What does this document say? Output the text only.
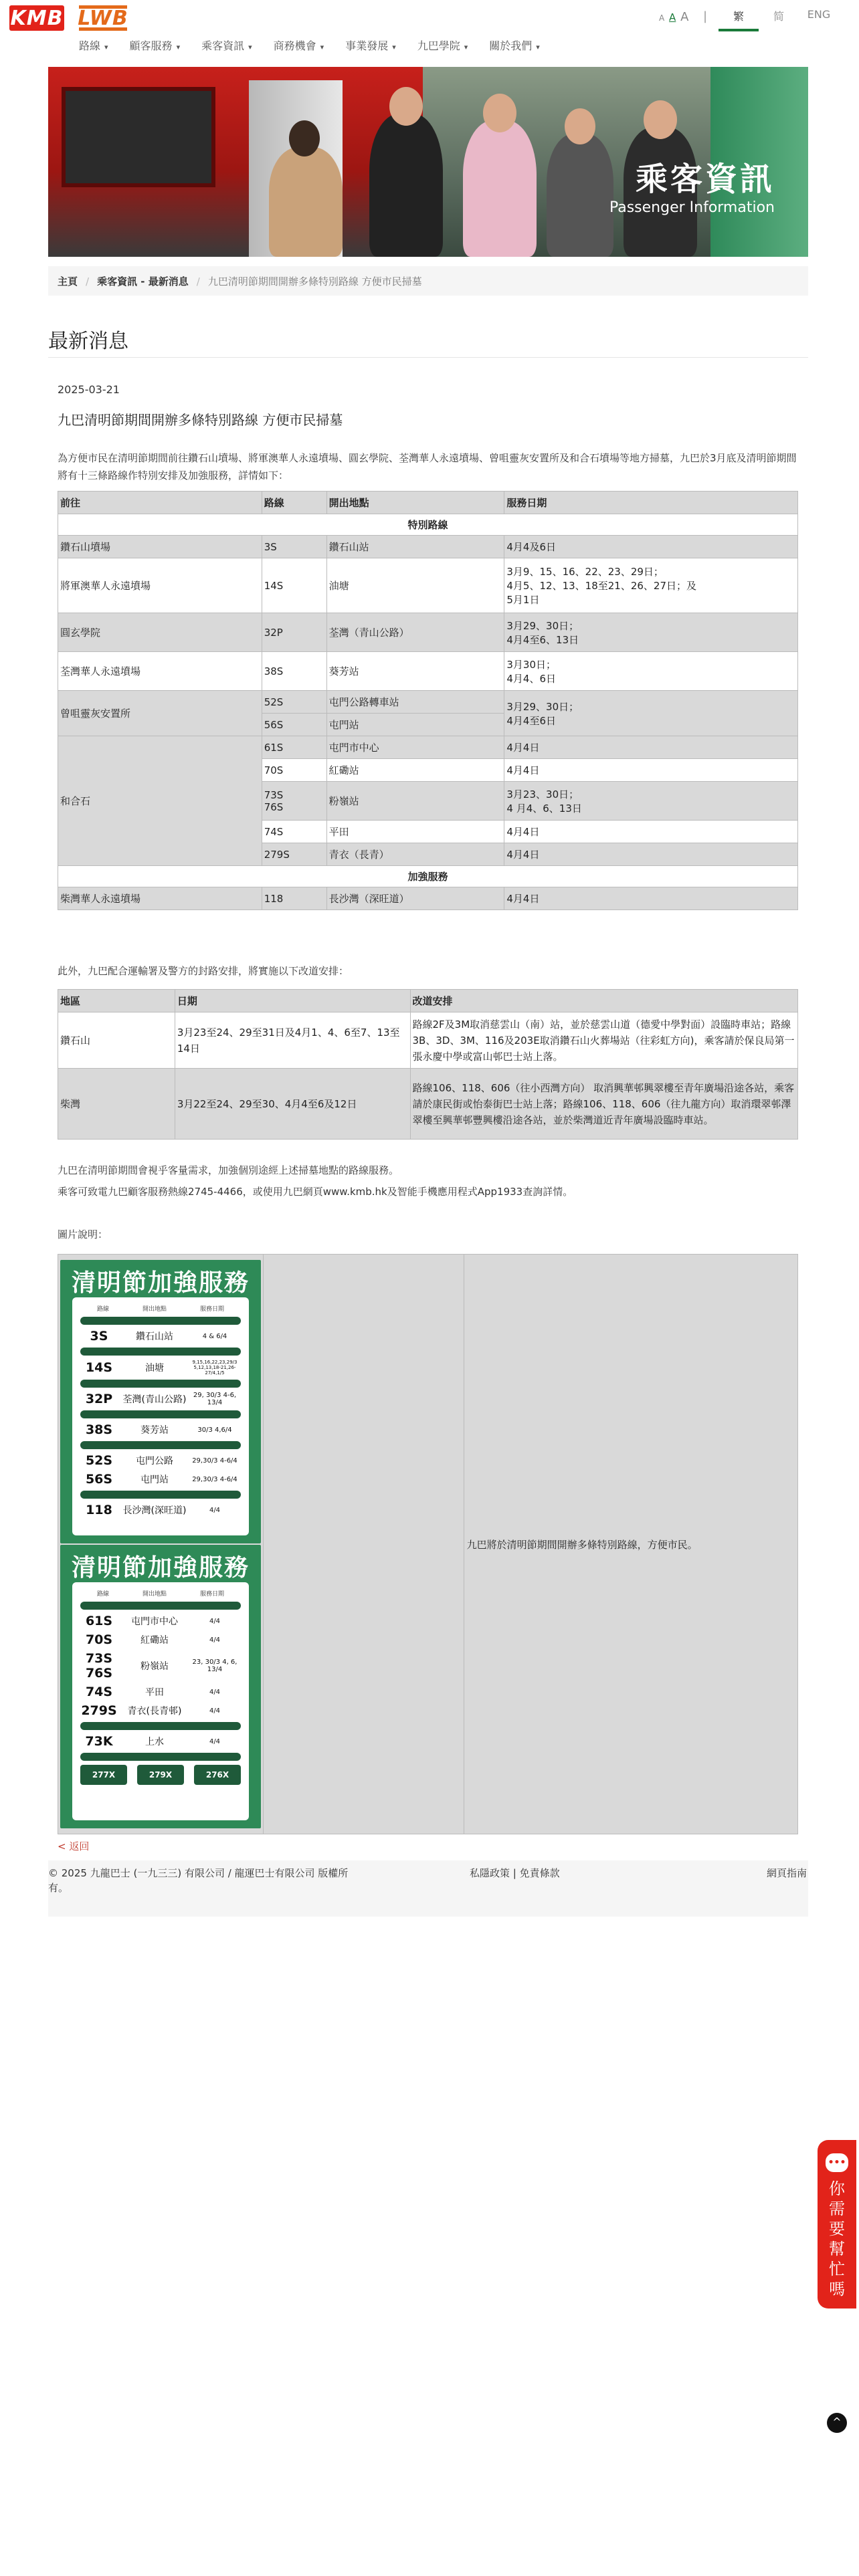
KMB LWB	A A A |	繁	简	ENG
路線 ▾ 顧客服務 ▾ 乘客資訊 ▾ 商務機會 ▾ 事業發展 ▾ 九巴學院 ▾ 關於我們 ▾
乘客資訊
Passenger Information
主頁 / 乘客資訊 - 最新消息 / 九巴清明節期間開辦多條特別路線 方便市民掃墓
最新消息
2025-03-21
九巴清明節期間開辦多條特別路線 方便市民掃墓
為方便市民在清明節期間前往鑽石山墳場、將軍澳華人永遠墳場、圓玄學院、荃灣華人永遠墳場、曾咀靈灰安置所及和合石墳場等地方掃墓，九巴於3月底及清明節期間將有十三條路線作特別安排及加強服務，詳情如下：
前往	路線	開出地點	服務日期
特別路線			
鑽石山墳場	3S	鑽石山站	4月4及6日
將軍澳華人永遠墳場	14S	油塘	3月9、15、16、22、23、29日；
4月5、12、13、18至21、26、27日；及
5月1日
圓玄學院	32P	荃灣（青山公路）	3月29、30日；
4月4至6、13日
荃灣華人永遠墳場	38S	葵芳站	3月30日；
4月4、6日
曾咀靈灰安置所	52S	屯門公路轉車站	3月29、30日；
4月4至6日
	56S	屯門站	
和合石	61S	屯門市中心	4月4日
	70S	紅磡站	4月4日
	73S
76S	粉嶺站	3月23、30日；
4 月4、6、13日
	74S	平田	4月4日
	279S	青衣（長青）	4月4日
加強服務			
柴灣華人永遠墳場	118	長沙灣（深旺道）	4月4日
此外，九巴配合運輸署及警方的封路安排，將實施以下改道安排：
地區	日期	改道安排
鑽石山	3月23至24、29至31日及4月1、4、6至7、13至14日	路線2F及3M取消慈雲山（南）站，並於慈雲山道（德愛中學對面）設臨時車站；路線3B、3D、3M、116及203E取消鑽石山火葬場站（往彩虹方向)，乘客請於保良局第一張永慶中學或富山邨巴士站上落。
柴灣	3月22至24、29至30、4月4至6及12日	路線106、118、606（往小西灣方向） 取消興華邨興翠樓至青年廣場沿途各站，乘客請於康民街或怡泰街巴士站上落；路線106、118、606（往九龍方向）取消環翠邨澤翠樓至興華邨豐興樓沿途各站，並於柴灣道近青年廣場設臨時車站。
九巴在清明節期間會視乎客量需求，加強個別途經上述掃墓地點的路線服務。
乘客可致電九巴顧客服務熱線2745-4466，或使用九巴網頁www.kmb.hk及智能手機應用程式App1933查詢詳情。
圖片說明：
清明節加強服務
路線	開出地點	服務日期
3S	鑽石山站	4 & 6/4
14S	油塘
9,15,16,22,23,29/3 5,12,13,18-21,26-27/4,1/5
32P	荃灣(青山公路)	29, 30/3 4-6, 13/4
38S	葵芳站	30/3 4,6/4
52S	屯門公路	29,30/3 4-6/4
56S	屯門站	29,30/3 4-6/4
118	長沙灣(深旺道)	4/4
清明節加強服務
路線	開出地點	服務日期
61S	屯門市中心	4/4
70S	紅磡站	4/4
73S 76S	粉嶺站	23, 30/3 4, 6, 13/4
74S	平田	4/4
279S	青衣(長青邨)	4/4
73K	上水	4/4
277X	279X	276X
		九巴將於清明節期間開辦多條特別路線，方便市民。
< 返回
© 2025 九龍巴士 (一九三三) 有限公司 / 龍運巴士有限公司 版權所有。
私隱政策 | 免責條款	網頁指南
•••
你需要幫忙嗎
^
